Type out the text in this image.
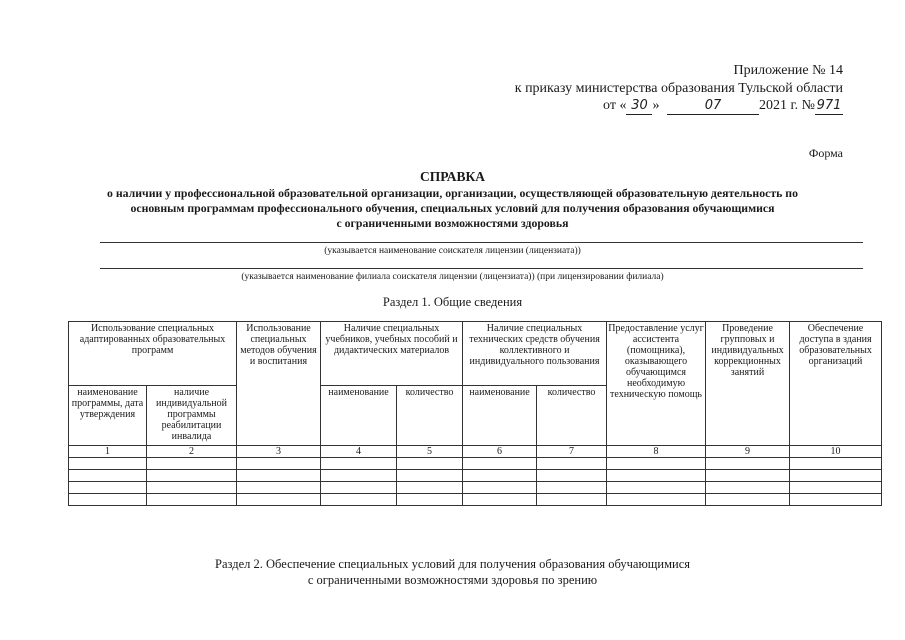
Приложение № 14
к приказу министерства образования Тульской области
от « 30 »	07	2021 г. № 971
Форма
СПРАВКА
о наличии у профессиональной образовательной организации, организации, осуществляющей образовательную деятельность по
основным программам профессионального обучения, специальных условий для получения образования обучающимися
с ограниченными возможностями здоровья
(указывается наименование соискателя лицензии (лицензиата))
(указывается наименование филиала соискателя лицензии (лицензиата)) (при лицензировании филиала)
Раздел 1. Общие сведения
Использование специальных адаптированных образовательных программ		Использование специальных методов обучения и воспитания	Наличие специальных учебников, учебных пособий и дидактических материалов		Наличие специальных технических средств обучения коллективного и индивидуального пользования		Предоставление услуг ассистента (помощника), оказывающего обучающимся необходимую техническую помощь	Проведение групповых и индивидуальных коррекционных занятий	Обеспечение доступа в здания образовательных организаций
наименование программы, дата утверждения	наличие индивидуальной программы реабилитации инвалида		наименование	количество	наименование	количество			
1	2	3	4	5	6	7	8	9	10

Раздел 2. Обеспечение специальных условий для получения образования обучающимися
с ограниченными возможностями здоровья по зрению
